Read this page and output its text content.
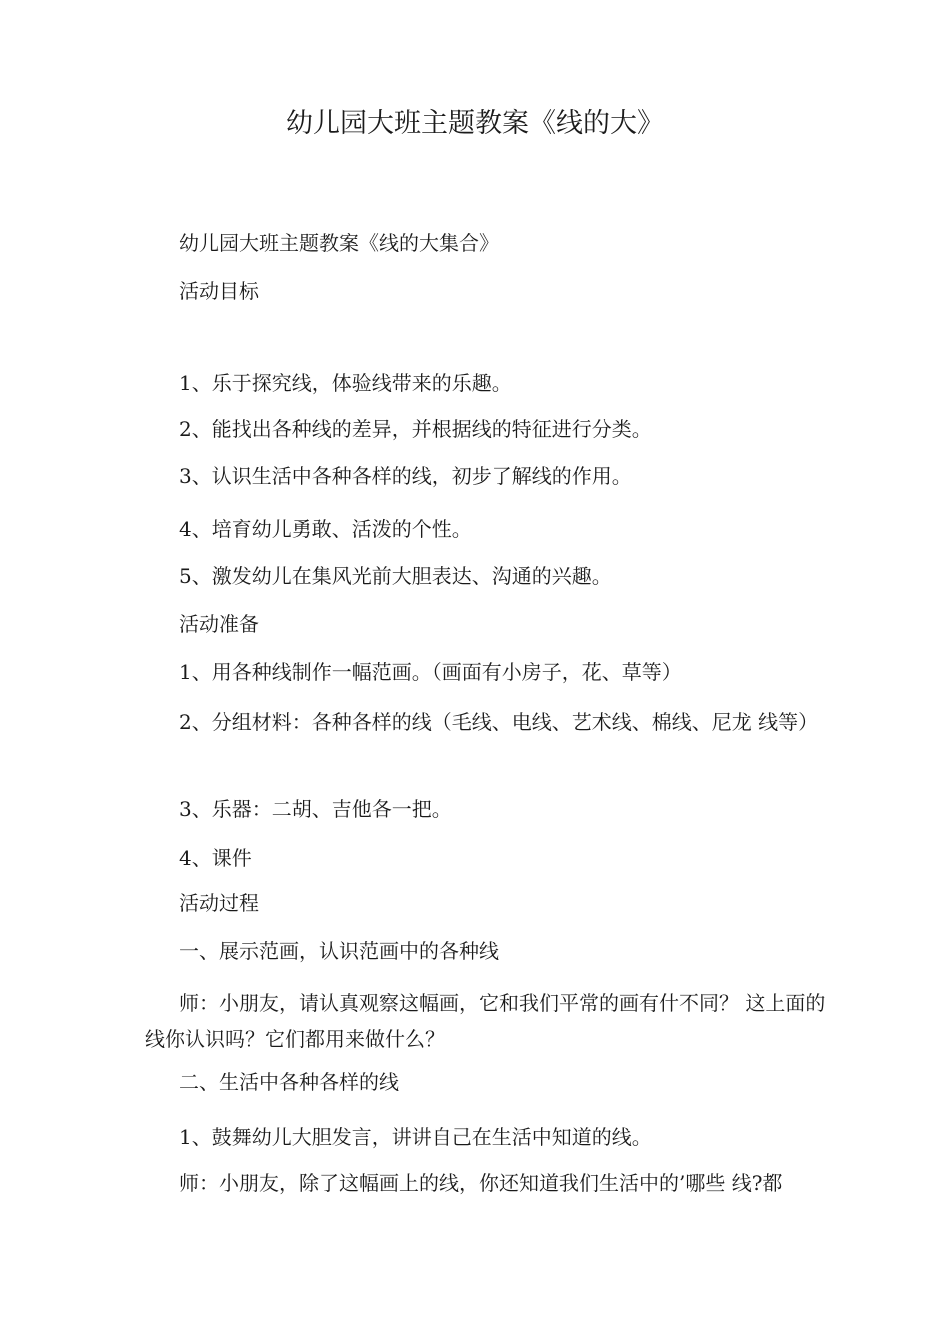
幼儿园大班主题教案《线的大》

幼儿园大班主题教案《线的大集合》

活动目标

1、乐于探究线，体验线带来的乐趣。

2、能找出各种线的差异，并根据线的特征进行分类。

3、认识生活中各种各样的线，初步了解线的作用。

4、培育幼儿勇敢、活泼的个性。

5、激发幼儿在集风光前大胆表达、沟通的兴趣。

活动准备

1、用各种线制作一幅范画。（画面有小房子，花、草等）

2、分组材料：各种各样的线（毛线、电线、艺术线、棉线、尼龙 线等）

3、乐器：二胡、吉他各一把。

4、课件

活动过程

一、展示范画，认识范画中的各种线

师：小朋友，请认真观察这幅画，它和我们平常的画有什不同？ 这上面的线你认识吗？它们都用来做什么？

二、生活中各种各样的线

1、鼓舞幼儿大胆发言，讲讲自己在生活中知道的线。

师：小朋友，除了这幅画上的线，你还知道我们生活中的’哪些 线?都
